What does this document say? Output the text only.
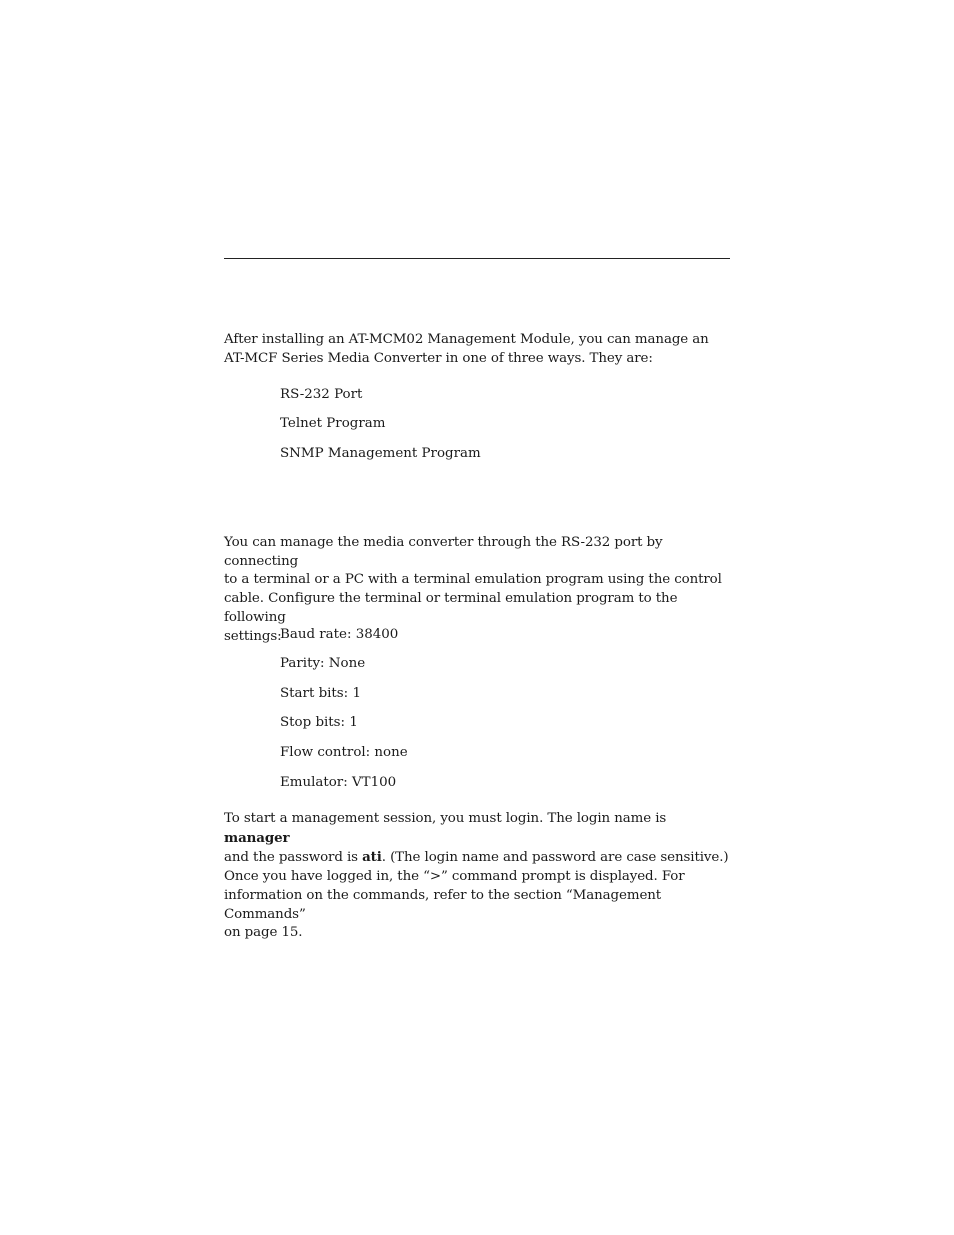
After installing an AT-MCM02 Management Module, you can manage an
AT-MCF Series Media Converter in one of three ways. They are:

RS-232 Port
Telnet Program
SNMP Management Program

You can manage the media converter through the RS-232 port by connecting
to a terminal or a PC with a terminal emulation program using the control
cable. Configure the terminal or terminal emulation program to the following
settings:

Baud rate: 38400
Parity: None
Start bits: 1
Stop bits: 1
Flow control: none
Emulator: VT100

To start a management session, you must login. The login name is manager
and the password is ati. (The login name and password are case sensitive.)
Once you have logged in, the “>” command prompt is displayed. For
information on the commands, refer to the section “Management Commands”
on page 15.
